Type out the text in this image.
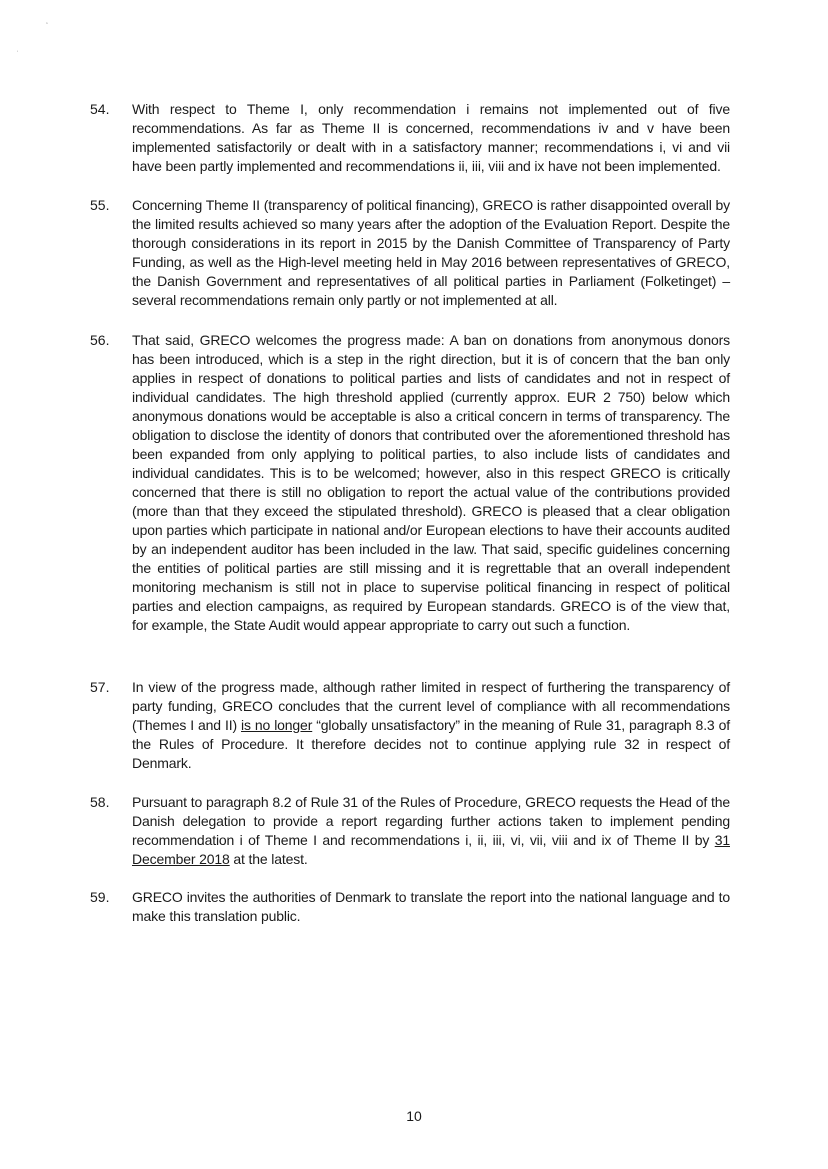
˛
ˌ
54.	With respect to Theme I, only recommendation i remains not implemented out of five recommendations. As far as Theme II is concerned, recommendations iv and v have been implemented satisfactorily or dealt with in a satisfactory manner; recommendations i, vi and vii have been partly implemented and recommendations ii, iii, viii and ix have not been implemented.
55.	Concerning Theme II (transparency of political financing), GRECO is rather disappointed overall by the limited results achieved so many years after the adoption of the Evaluation Report. Despite the thorough considerations in its report in 2015 by the Danish Committee of Transparency of Party Funding, as well as the High-level meeting held in May 2016 between representatives of GRECO, the Danish Government and representatives of all political parties in Parliament (Folketinget) – several recommendations remain only partly or not implemented at all.
56.	That said, GRECO welcomes the progress made: A ban on donations from anonymous donors has been introduced, which is a step in the right direction, but it is of concern that the ban only applies in respect of donations to political parties and lists of candidates and not in respect of individual candidates. The high threshold applied (currently approx. EUR 2 750) below which anonymous donations would be acceptable is also a critical concern in terms of transparency. The obligation to disclose the identity of donors that contributed over the aforementioned threshold has been expanded from only applying to political parties, to also include lists of candidates and individual candidates. This is to be welcomed; however, also in this respect GRECO is critically concerned that there is still no obligation to report the actual value of the contributions provided (more than that they exceed the stipulated threshold). GRECO is pleased that a clear obligation upon parties which participate in national and/or European elections to have their accounts audited by an independent auditor has been included in the law. That said, specific guidelines concerning the entities of political parties are still missing and it is regrettable that an overall independent monitoring mechanism is still not in place to supervise political financing in respect of political parties and election campaigns, as required by European standards. GRECO is of the view that, for example, the State Audit would appear appropriate to carry out such a function.
57.	In view of the progress made, although rather limited in respect of furthering the transparency of party funding, GRECO concludes that the current level of compliance with all recommendations (Themes I and II) is no longer “globally unsatisfactory” in the meaning of Rule 31, paragraph 8.3 of the Rules of Procedure. It therefore decides not to continue applying rule 32 in respect of Denmark.
58.	Pursuant to paragraph 8.2 of Rule 31 of the Rules of Procedure, GRECO requests the Head of the Danish delegation to provide a report regarding further actions taken to implement pending recommendation i of Theme I and recommendations i, ii, iii, vi, vii, viii and ix of Theme II by 31 December 2018 at the latest.
59.	GRECO invites the authorities of Denmark to translate the report into the national language and to make this translation public.
10
